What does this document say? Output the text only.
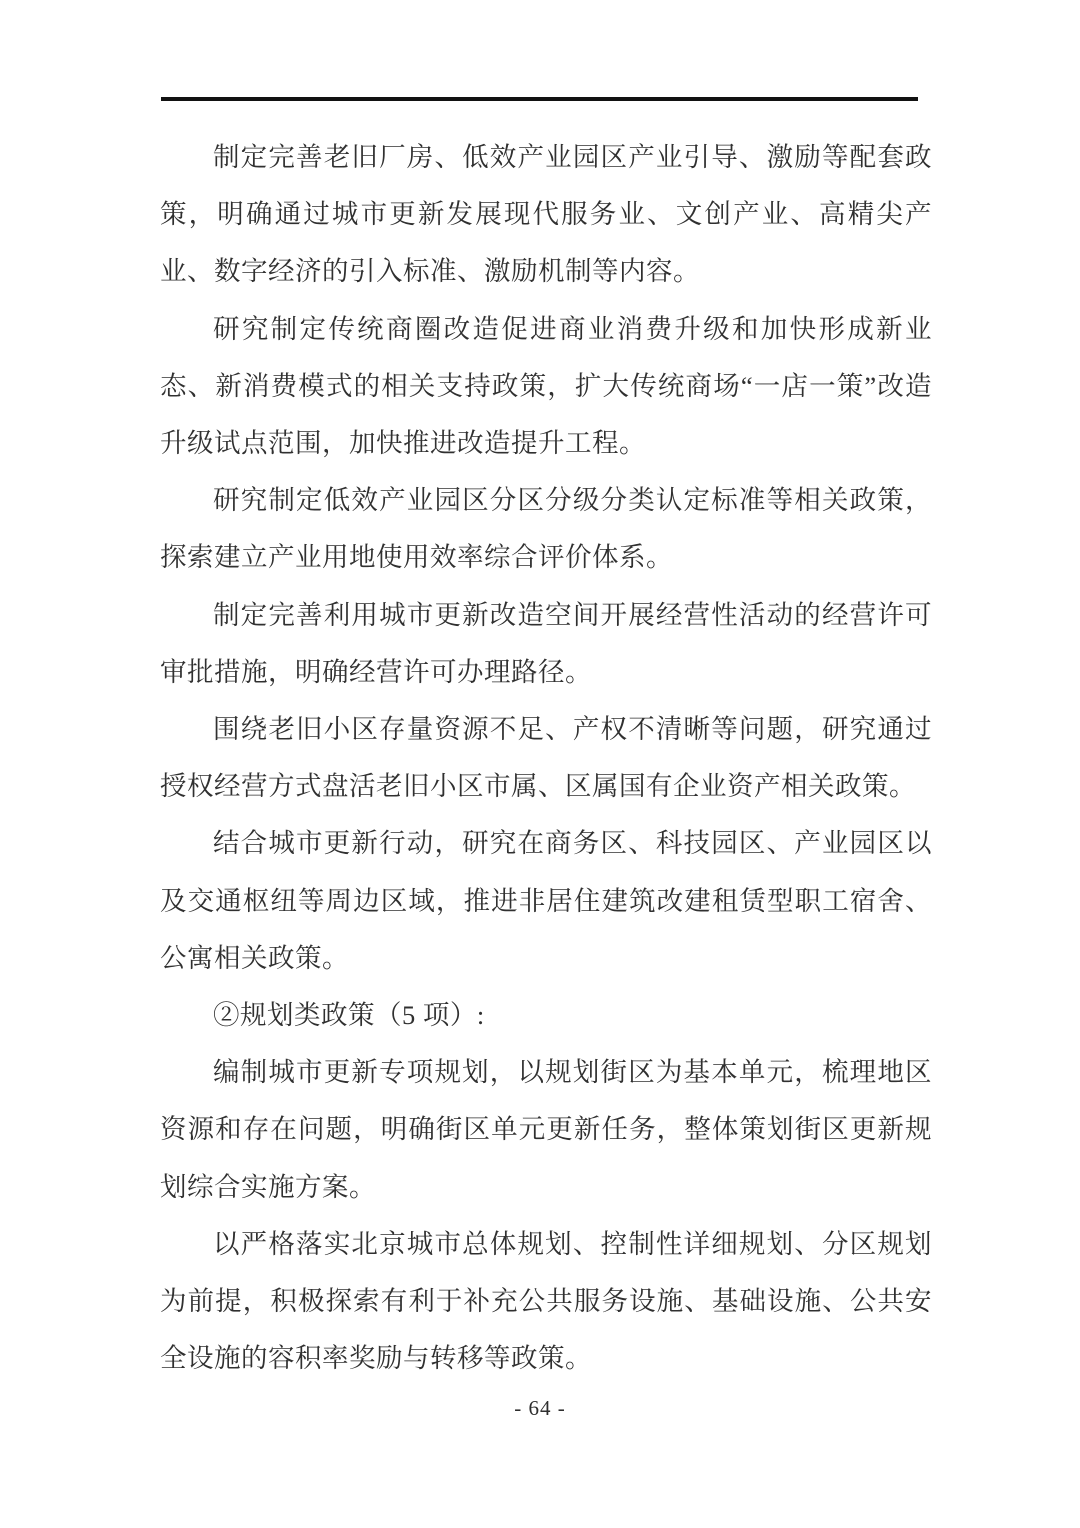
制定完善老旧厂房、低效产业园区产业引导、激励等配套政策，明确通过城市更新发展现代服务业、文创产业、高精尖产业、数字经济的引入标准、激励机制等内容。

研究制定传统商圈改造促进商业消费升级和加快形成新业态、新消费模式的相关支持政策，扩大传统商场“一店一策”改造升级试点范围，加快推进改造提升工程。

研究制定低效产业园区分区分级分类认定标准等相关政策，探索建立产业用地使用效率综合评价体系。

制定完善利用城市更新改造空间开展经营性活动的经营许可审批措施，明确经营许可办理路径。

围绕老旧小区存量资源不足、产权不清晰等问题，研究通过授权经营方式盘活老旧小区市属、区属国有企业资产相关政策。

结合城市更新行动，研究在商务区、科技园区、产业园区以及交通枢纽等周边区域，推进非居住建筑改建租赁型职工宿舍、公寓相关政策。

②规划类政策（5 项）:

编制城市更新专项规划，以规划街区为基本单元，梳理地区资源和存在问题，明确街区单元更新任务，整体策划街区更新规划综合实施方案。

以严格落实北京城市总体规划、控制性详细规划、分区规划为前提，积极探索有利于补充公共服务设施、基础设施、公共安全设施的容积率奖励与转移等政策。

- 64 -
